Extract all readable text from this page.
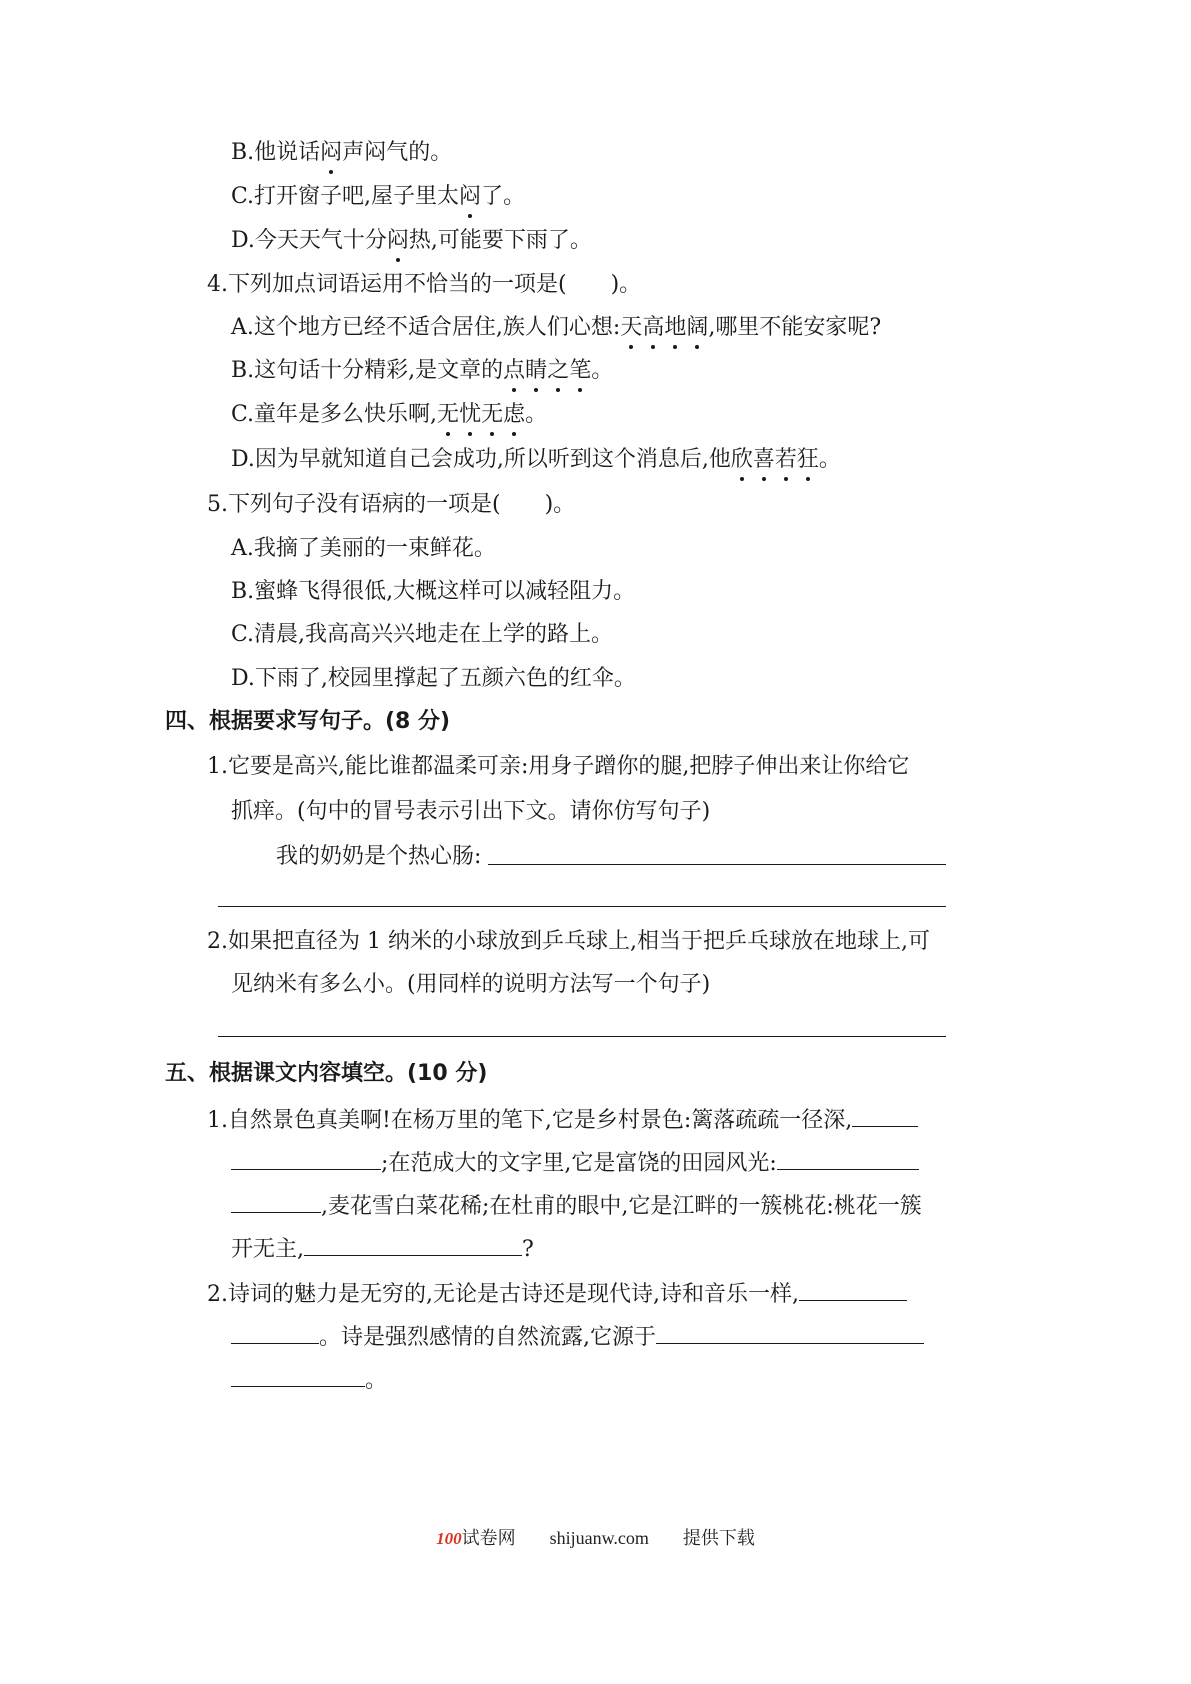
B.他说话闷声闷气的。
C.打开窗子吧,屋子里太闷了。
D.今天天气十分闷热,可能要下雨了。
4.下列加点词语运用不恰当的一项是(　　)。
A.这个地方已经不适合居住,族人们心想:天高地阔,哪里不能安家呢?
B.这句话十分精彩,是文章的点睛之笔。
C.童年是多么快乐啊,无忧无虑。
D.因为早就知道自己会成功,所以听到这个消息后,他欣喜若狂。
5.下列句子没有语病的一项是(　　)。
A.我摘了美丽的一束鲜花。
B.蜜蜂飞得很低,大概这样可以减轻阻力。
C.清晨,我高高兴兴地走在上学的路上。
D.下雨了,校园里撑起了五颜六色的红伞。
四、根据要求写句子。(8 分)
1.它要是高兴,能比谁都温柔可亲:用身子蹭你的腿,把脖子伸出来让你给它
抓痒。(句中的冒号表示引出下文。请你仿写句子)
我的奶奶是个热心肠:
2.如果把直径为 1 纳米的小球放到乒乓球上,相当于把乒乓球放在地球上,可
见纳米有多么小。(用同样的说明方法写一个句子)
五、根据课文内容填空。(10 分)
1.自然景色真美啊!在杨万里的笔下,它是乡村景色:篱落疏疏一径深,
;在范成大的文字里,它是富饶的田园风光:
,麦花雪白菜花稀;在杜甫的眼中,它是江畔的一簇桃花:桃花一簇
开无主,	?
2.诗词的魅力是无穷的,无论是古诗还是现代诗,诗和音乐一样,
。诗是强烈感情的自然流露,它源于
。
100试卷网 shijuanw.com 提供下载
